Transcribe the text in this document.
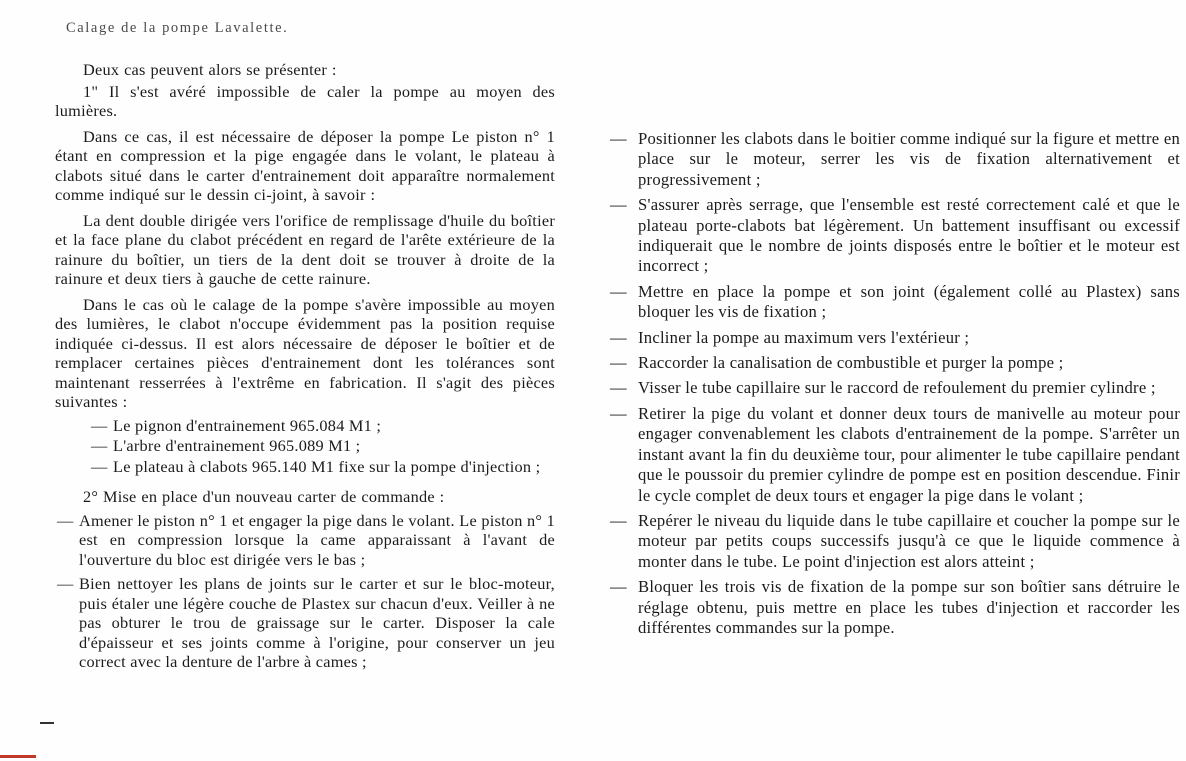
Calage de la pompe Lavalette.

Deux cas peuvent alors se présenter :

1" Il s'est avéré impossible de caler la pompe au moyen des lumières.

Dans ce cas, il est nécessaire de déposer la pompe Le piston n° 1 étant en compression et la pige engagée dans le volant, le plateau à clabots situé dans le carter d'entrainement doit apparaître normalement comme indiqué sur le dessin ci-joint, à savoir :

La dent double dirigée vers l'orifice de remplissage d'huile du boîtier et la face plane du clabot précédent en regard de l'arête extérieure de la rainure du boîtier, un tiers de la dent doit se trouver à droite de la rainure et deux tiers à gauche de cette rainure.

Dans le cas où le calage de la pompe s'avère impossible au moyen des lumières, le clabot n'occupe évidemment pas la position requise indiquée ci-dessus. Il est alors nécessaire de déposer le boîtier et de remplacer certaines pièces d'entrainement dont les tolérances sont maintenant resserrées à l'extrême en fabrication. Il s'agit des pièces suivantes :

— Le pignon d'entrainement 965.084 M1 ;
— L'arbre d'entrainement 965.089 M1 ;
— Le plateau à clabots 965.140 M1 fixe sur la pompe d'injection ;

2° Mise en place d'un nouveau carter de commande :

— Amener le piston n° 1 et engager la pige dans le volant. Le piston n° 1 est en compression lorsque la came apparaissant à l'avant de l'ouverture du bloc est dirigée vers le bas ;
— Bien nettoyer les plans de joints sur le carter et sur le bloc-moteur, puis étaler une légère couche de Plastex sur chacun d'eux. Veiller à ne pas obturer le trou de graissage sur le carter. Disposer la cale d'épaisseur et ses joints comme à l'origine, pour conserver un jeu correct avec la denture de l'arbre à cames ;
— Positionner les clabots dans le boitier comme indiqué sur la figure et mettre en place sur le moteur, serrer les vis de fixation alternativement et progressivement ;
— S'assurer après serrage, que l'ensemble est resté correctement calé et que le plateau porte-clabots bat légèrement. Un battement insuffisant ou excessif indiquerait que le nombre de joints disposés entre le boîtier et le moteur est incorrect ;
— Mettre en place la pompe et son joint (également collé au Plastex) sans bloquer les vis de fixation ;
— Incliner la pompe au maximum vers l'extérieur ;
— Raccorder la canalisation de combustible et purger la pompe ;
— Visser le tube capillaire sur le raccord de refoulement du premier cylindre ;
— Retirer la pige du volant et donner deux tours de manivelle au moteur pour engager convenablement les clabots d'entrainement de la pompe. S'arrêter un instant avant la fin du deuxième tour, pour alimenter le tube capillaire pendant que le poussoir du premier cylindre de pompe est en position descendue. Finir le cycle complet de deux tours et engager la pige dans le volant ;
— Repérer le niveau du liquide dans le tube capillaire et coucher la pompe sur le moteur par petits coups successifs jusqu'à ce que le liquide commence à monter dans le tube. Le point d'injection est alors atteint ;
— Bloquer les trois vis de fixation de la pompe sur son boîtier sans détruire le réglage obtenu, puis mettre en place les tubes d'injection et raccorder les différentes commandes sur la pompe.
